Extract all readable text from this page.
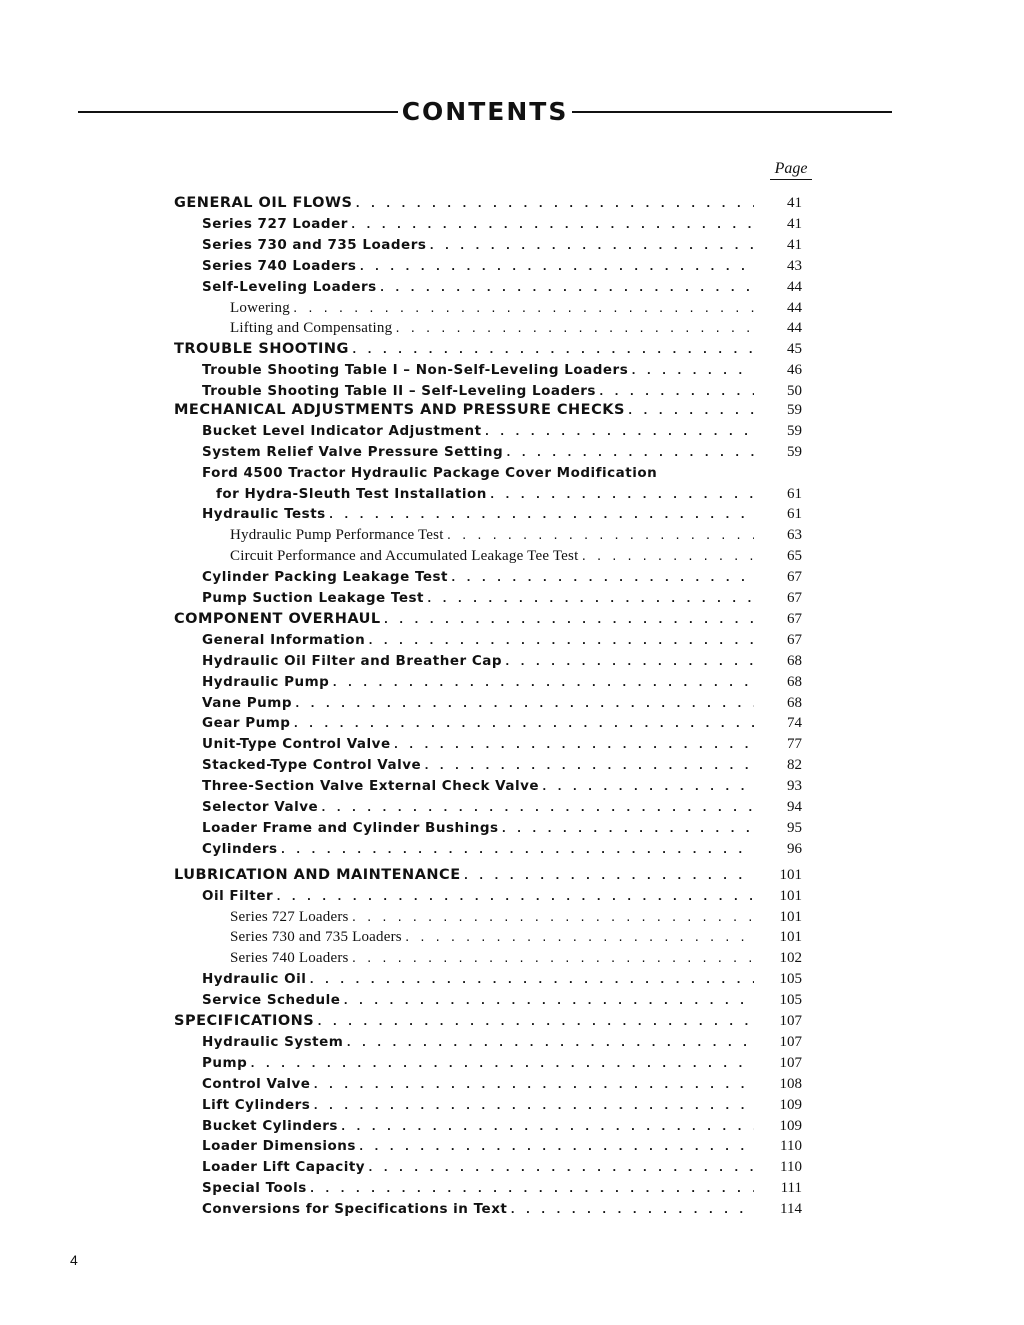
CONTENTS
Page
GENERAL OIL FLOWS . . .	41
Series 727 Loader . . .	41
Series 730 and 735 Loaders . . .	41
Series 740 Loaders . . .	43
Self-Leveling Loaders . . .	44
Lowering . . .	44
Lifting and Compensating . . .	44
TROUBLE SHOOTING . . .	45
Trouble Shooting Table I – Non-Self-Leveling Loaders . . .	46
Trouble Shooting Table II – Self-Leveling Loaders . . .	50
MECHANICAL ADJUSTMENTS AND PRESSURE CHECKS . . .	59
Bucket Level Indicator Adjustment . . .	59
System Relief Valve Pressure Setting . . .	59
Ford 4500 Tractor Hydraulic Package Cover Modification
for Hydra-Sleuth Test Installation . . .	61
Hydraulic Tests . . .	61
Hydraulic Pump Performance Test . . .	63
Circuit Performance and Accumulated Leakage Tee Test . . .	65
Cylinder Packing Leakage Test . . .	67
Pump Suction Leakage Test . . .	67
COMPONENT OVERHAUL . . .	67
General Information . . .	67
Hydraulic Oil Filter and Breather Cap . . .	68
Hydraulic Pump . . .	68
Vane Pump . . .	68
Gear Pump . . .	74
Unit-Type Control Valve . . .	77
Stacked-Type Control Valve . . .	82
Three-Section Valve External Check Valve . . .	93
Selector Valve . . .	94
Loader Frame and Cylinder Bushings . . .	95
Cylinders . . .	96
LUBRICATION AND MAINTENANCE . . .	101
Oil Filter . . .	101
Series 727 Loaders . . .	101
Series 730 and 735 Loaders . . .	101
Series 740 Loaders . . .	102
Hydraulic Oil . . .	105
Service Schedule . . .	105
SPECIFICATIONS . . .	107
Hydraulic System . . .	107
Pump . . .	107
Control Valve . . .	108
Lift Cylinders . . .	109
Bucket Cylinders . . .	109
Loader Dimensions . . .	110
Loader Lift Capacity . . .	110
Special Tools . . .	111
Conversions for Specifications in Text . . .	114
4
